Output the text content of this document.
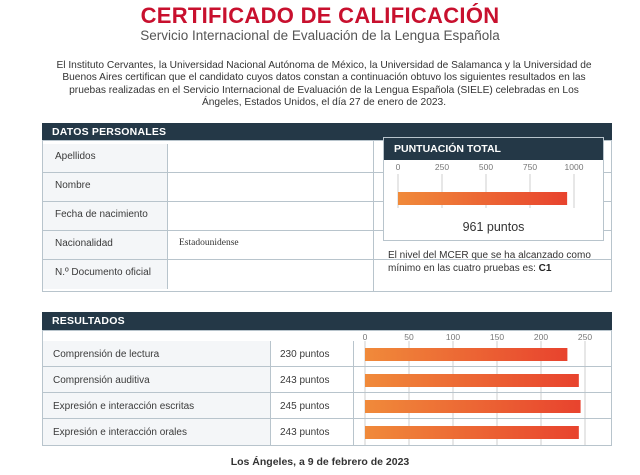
CERTIFICADO DE CALIFICACIÓN
Servicio Internacional de Evaluación de la Lengua Española
El Instituto Cervantes, la Universidad Nacional Autónoma de México, la Universidad de Salamanca y la Universidad de Buenos Aires certifican que el candidato cuyos datos constan a continuación obtuvo los siguientes resultados en las pruebas realizadas en el Servicio Internacional de Evaluación de la Lengua Española (SIELE) celebradas en Los Ángeles, Estados Unidos, el día 27 de enero de 2023.
DATOS PERSONALES
Apellidos
Nombre
Fecha de nacimiento
Nacionalidad	Estadounidense
N.º Documento oficial
PUNTUACIÓN TOTAL
0	250	500	750	1000
961 puntos
El nivel del MCER que se ha alcanzado como mínimo en las cuatro pruebas es: C1
RESULTADOS
0	50	100	150	200	250
Comprensión de lectura	230 puntos
Comprensión auditiva	243 puntos
Expresión e interacción escritas	245 puntos
Expresión e interacción orales	243 puntos
Los Ángeles, a 9 de febrero de 2023
